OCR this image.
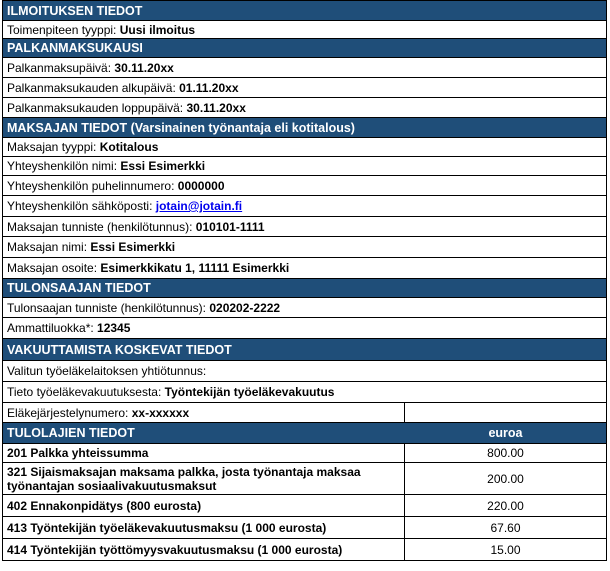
ILMOITUKSEN TIEDOT
Toimenpiteen tyyppi: Uusi ilmoitus
PALKANMAKSUKAUSI
Palkanmaksupäivä: 30.11.20xx
Palkanmaksukauden alkupäivä: 01.11.20xx
Palkanmaksukauden loppupäivä: 30.11.20xx
MAKSAJAN TIEDOT (Varsinainen työnantaja eli kotitalous)
Maksajan tyyppi: Kotitalous
Yhteyshenkilön nimi: Essi Esimerkki
Yhteyshenkilön puhelinnumero: 0000000
Yhteyshenkilön sähköposti: jotain@jotain.fi
Maksajan tunniste (henkilötunnus): 010101-1111
Maksajan nimi: Essi Esimerkki
Maksajan osoite: Esimerkkikatu 1, 11111 Esimerkki
TULONSAAJAN TIEDOT
Tulonsaajan tunniste (henkilötunnus): 020202-2222
Ammattiluokka*: 12345
VAKUUTTAMISTA KOSKEVAT TIEDOT
Valitun työeläkelaitoksen yhtiötunnus:
Tieto työeläkevakuutuksesta: Työntekijän työeläkevakuutus
Eläkejärjestelynumero: xx-xxxxxx
TULOLAJIEN TIEDOT	euroa
201 Palkka yhteissumma	800.00
321 Sijaismaksajan maksama palkka, josta työnantaja maksaa työnantajan sosiaalivakuutusmaksut	200.00
402 Ennakonpidätys (800 eurosta)	220.00
413 Työntekijän työeläkevakuutusmaksu (1 000 eurosta)	67.60
414 Työntekijän työttömyysvakuutusmaksu (1 000 eurosta)	15.00
